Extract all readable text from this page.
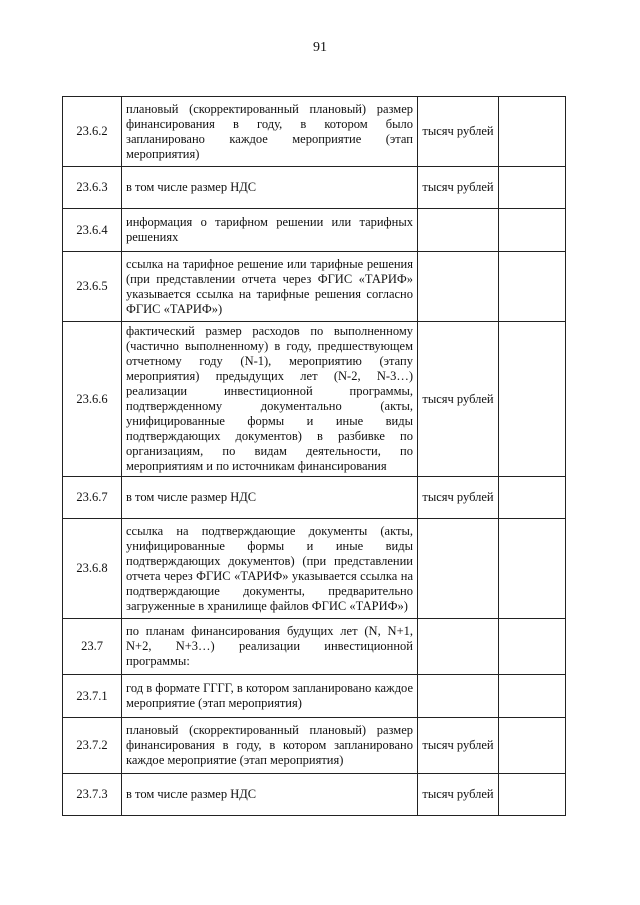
91
23.6.2	плановый (скорректированный плановый) размер финансирования в году, в котором было запланировано каждое мероприятие (этап мероприятия)	тысяч рублей	
23.6.3	в том числе размер НДС	тысяч рублей	
23.6.4	информация о тарифном решении или тарифных решениях		
23.6.5	ссылка на тарифное решение или тарифные решения (при представлении отчета через ФГИС «ТАРИФ» указывается ссылка на тарифные решения согласно ФГИС «ТАРИФ»)		
23.6.6	фактический размер расходов по выполненному (частично выполненному) в году, предшествующем отчетному году (N-1), мероприятию (этапу мероприятия) предыдущих лет (N-2, N-3…) реализации инвестиционной программы, подтвержденному документально (акты, унифицированные формы и иные виды подтверждающих документов) в разбивке по организациям, по видам деятельности, по мероприятиям и по источникам финансирования	тысяч рублей	
23.6.7	в том числе размер НДС	тысяч рублей	
23.6.8	ссылка на подтверждающие документы (акты, унифицированные формы и иные виды подтверждающих документов) (при представлении отчета через ФГИС «ТАРИФ» указывается ссылка на подтверждающие документы, предварительно загруженные в хранилище файлов ФГИС «ТАРИФ»)		
23.7	по планам финансирования будущих лет (N, N+1, N+2, N+3…) реализации инвестиционной программы:		
23.7.1	год в формате ГГГГ, в котором запланировано каждое мероприятие (этап мероприятия)		
23.7.2	плановый (скорректированный плановый) размер финансирования в году, в котором запланировано каждое мероприятие (этап мероприятия)	тысяч рублей	
23.7.3	в том числе размер НДС	тысяч рублей	
